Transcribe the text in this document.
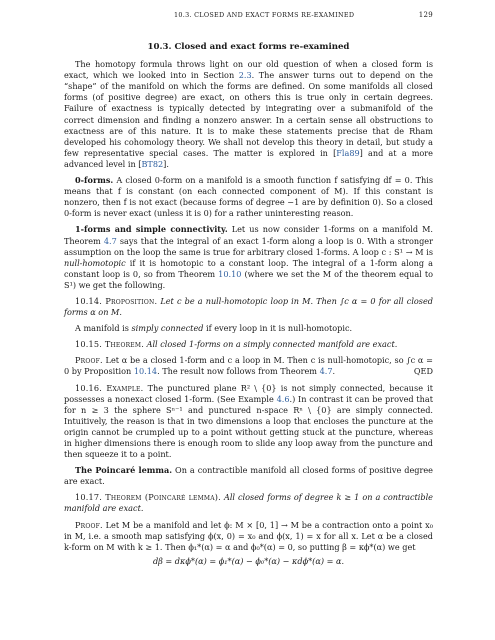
10.3. CLOSED AND EXACT FORMS RE-EXAMINED	129
10.3. Closed and exact forms re-examined

The homotopy formula throws light on our old question of when a closed form is exact, which we looked into in Section 2.3. The answer turns out to depend on the “shape” of the manifold on which the forms are defined. On some manifolds all closed forms (of positive degree) are exact, on others this is true only in certain degrees. Failure of exactness is typically detected by integrating over a submanifold of the correct dimension and finding a nonzero answer. In a certain sense all obstructions to exactness are of this nature. It is to make these statements precise that de Rham developed his cohomology theory. We shall not develop this theory in detail, but study a few representative special cases. The matter is explored in [Fla89] and at a more advanced level in [BT82].

0-forms. A closed 0-form on a manifold is a smooth function f satisfying df = 0. This means that f is constant (on each connected component of M). If this constant is nonzero, then f is not exact (because forms of degree −1 are by definition 0). So a closed 0-form is never exact (unless it is 0) for a rather uninteresting reason.

1-forms and simple connectivity. Let us now consider 1-forms on a manifold M. Theorem 4.7 says that the integral of an exact 1-form along a loop is 0. With a stronger assumption on the loop the same is true for arbitrary closed 1-forms. A loop c : S¹ → M is null-homotopic if it is homotopic to a constant loop. The integral of a 1-form along a constant loop is 0, so from Theorem 10.10 (where we set the M of the theorem equal to S¹) we get the following.

10.14. Proposition. Let c be a null-homotopic loop in M. Then ∫c α = 0 for all closed forms α on M.

A manifold is simply connected if every loop in it is null-homotopic.

10.15. Theorem. All closed 1-forms on a simply connected manifold are exact.

Proof. Let α be a closed 1-form and c a loop in M. Then c is null-homotopic, so ∫c α = 0 by Proposition 10.14. The result now follows from Theorem 4.7.	QED

10.16. Example. The punctured plane R² \ {0} is not simply connected, because it possesses a nonexact closed 1-form. (See Example 4.6.) In contrast it can be proved that for n ≥ 3 the sphere Sⁿ⁻¹ and punctured n-space Rⁿ \ {0} are simply connected. Intuitively, the reason is that in two dimensions a loop that encloses the puncture at the origin cannot be crumpled up to a point without getting stuck at the puncture, whereas in higher dimensions there is enough room to slide any loop away from the puncture and then squeeze it to a point.

The Poincaré lemma. On a contractible manifold all closed forms of positive degree are exact.

10.17. Theorem (Poincaré lemma). All closed forms of degree k ≥ 1 on a contractible manifold are exact.

Proof. Let M be a manifold and let ϕ: M × [0, 1] → M be a contraction onto a point x₀ in M, i.e. a smooth map satisfying ϕ(x, 0) = x₀ and ϕ(x, 1) = x for all x. Let α be a closed k-form on M with k ≥ 1. Then ϕ₁*(α) = α and ϕ₀*(α) = 0, so putting β = κϕ*(α) we get

dβ = dκϕ*(α) = ϕ₁*(α) − ϕ₀*(α) − κdϕ*(α) = α.
